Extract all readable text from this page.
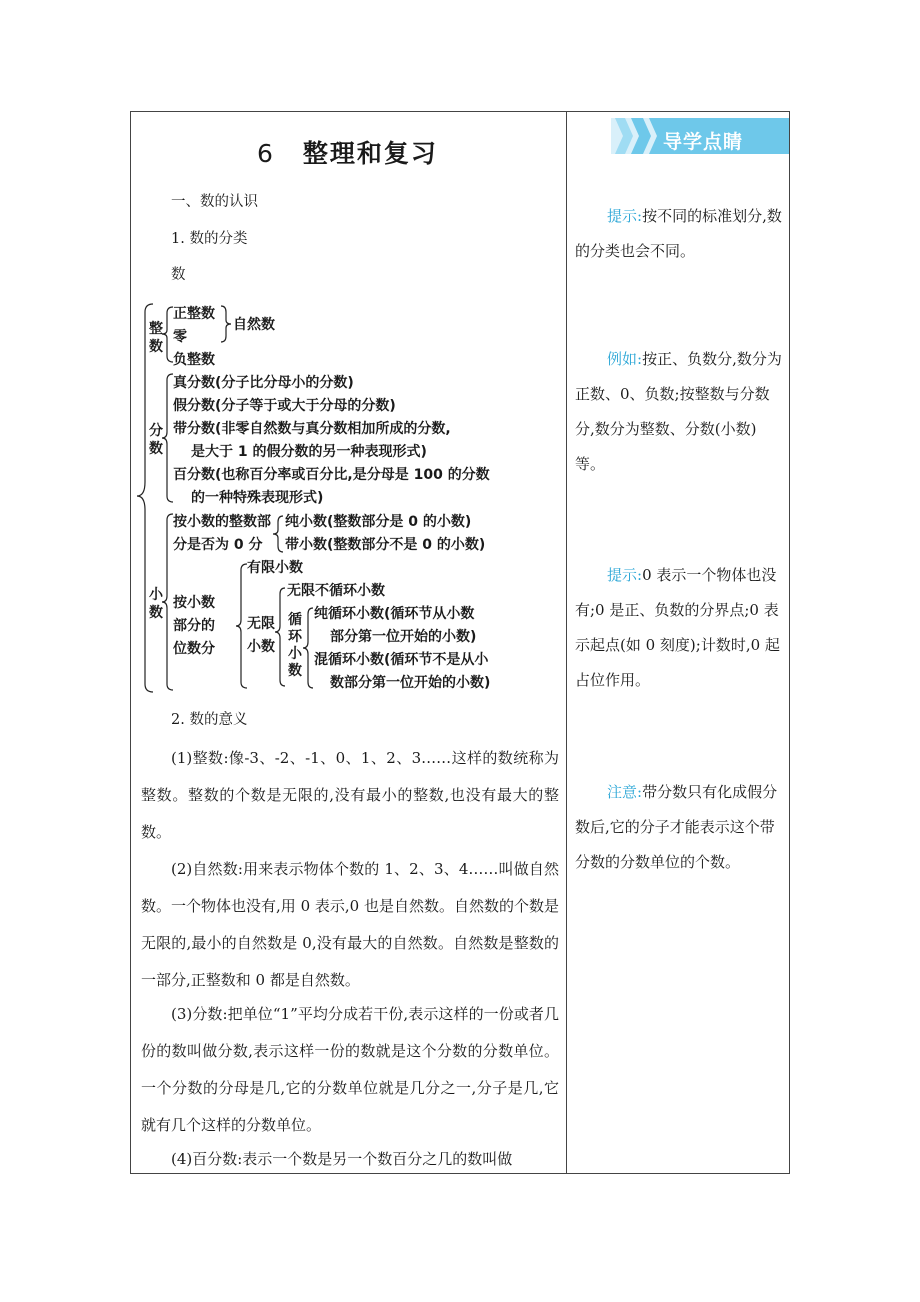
6 整理和复习
一、数的认识
1. 数的分类
数
整数
正整数
零
自然数
负整数
分数
真分数(分子比分母小的分数)
假分数(分子等于或大于分母的分数)
带分数(非零自然数与真分数相加所成的分数,
是大于 1 的假分数的另一种表现形式)
百分数(也称百分率或百分比,是分母是 100 的分数
的一种特殊表现形式)
小数
按小数的整数部
分是否为 0 分
纯小数(整数部分是 0 的小数)
带小数(整数部分不是 0 的小数)
按小数
部分的
位数分
有限小数
无限
小数
无限不循环小数
循环小数
纯循环小数(循环节从小数
部分第一位开始的小数)
混循环小数(循环节不是从小
数部分第一位开始的小数)
2. 数的意义
(1)整数:像-3、-2、-1、0、1、2、3……这样的数统称为整数。整数的个数是无限的,没有最小的整数,也没有最大的整数。
(2)自然数:用来表示物体个数的 1、2、3、4……叫做自然数。一个物体也没有,用 0 表示,0 也是自然数。自然数的个数是无限的,最小的自然数是 0,没有最大的自然数。自然数是整数的一部分,正整数和 0 都是自然数。
(3)分数:把单位“1”平均分成若干份,表示这样的一份或者几份的数叫做分数,表示这样一份的数就是这个分数的分数单位。一个分数的分母是几,它的分数单位就是几分之一,分子是几,它就有几个这样的分数单位。
(4)百分数:表示一个数是另一个数百分之几的数叫做
导学点睛
提示:按不同的标准划分,数的分类也会不同。
例如:按正、负数分,数分为正数、0、负数;按整数与分数分,数分为整数、分数(小数)等。
提示:0 表示一个物体也没有;0 是正、负数的分界点;0 表示起点(如 0 刻度);计数时,0 起占位作用。
注意:带分数只有化成假分数后,它的分子才能表示这个带分数的分数单位的个数。
